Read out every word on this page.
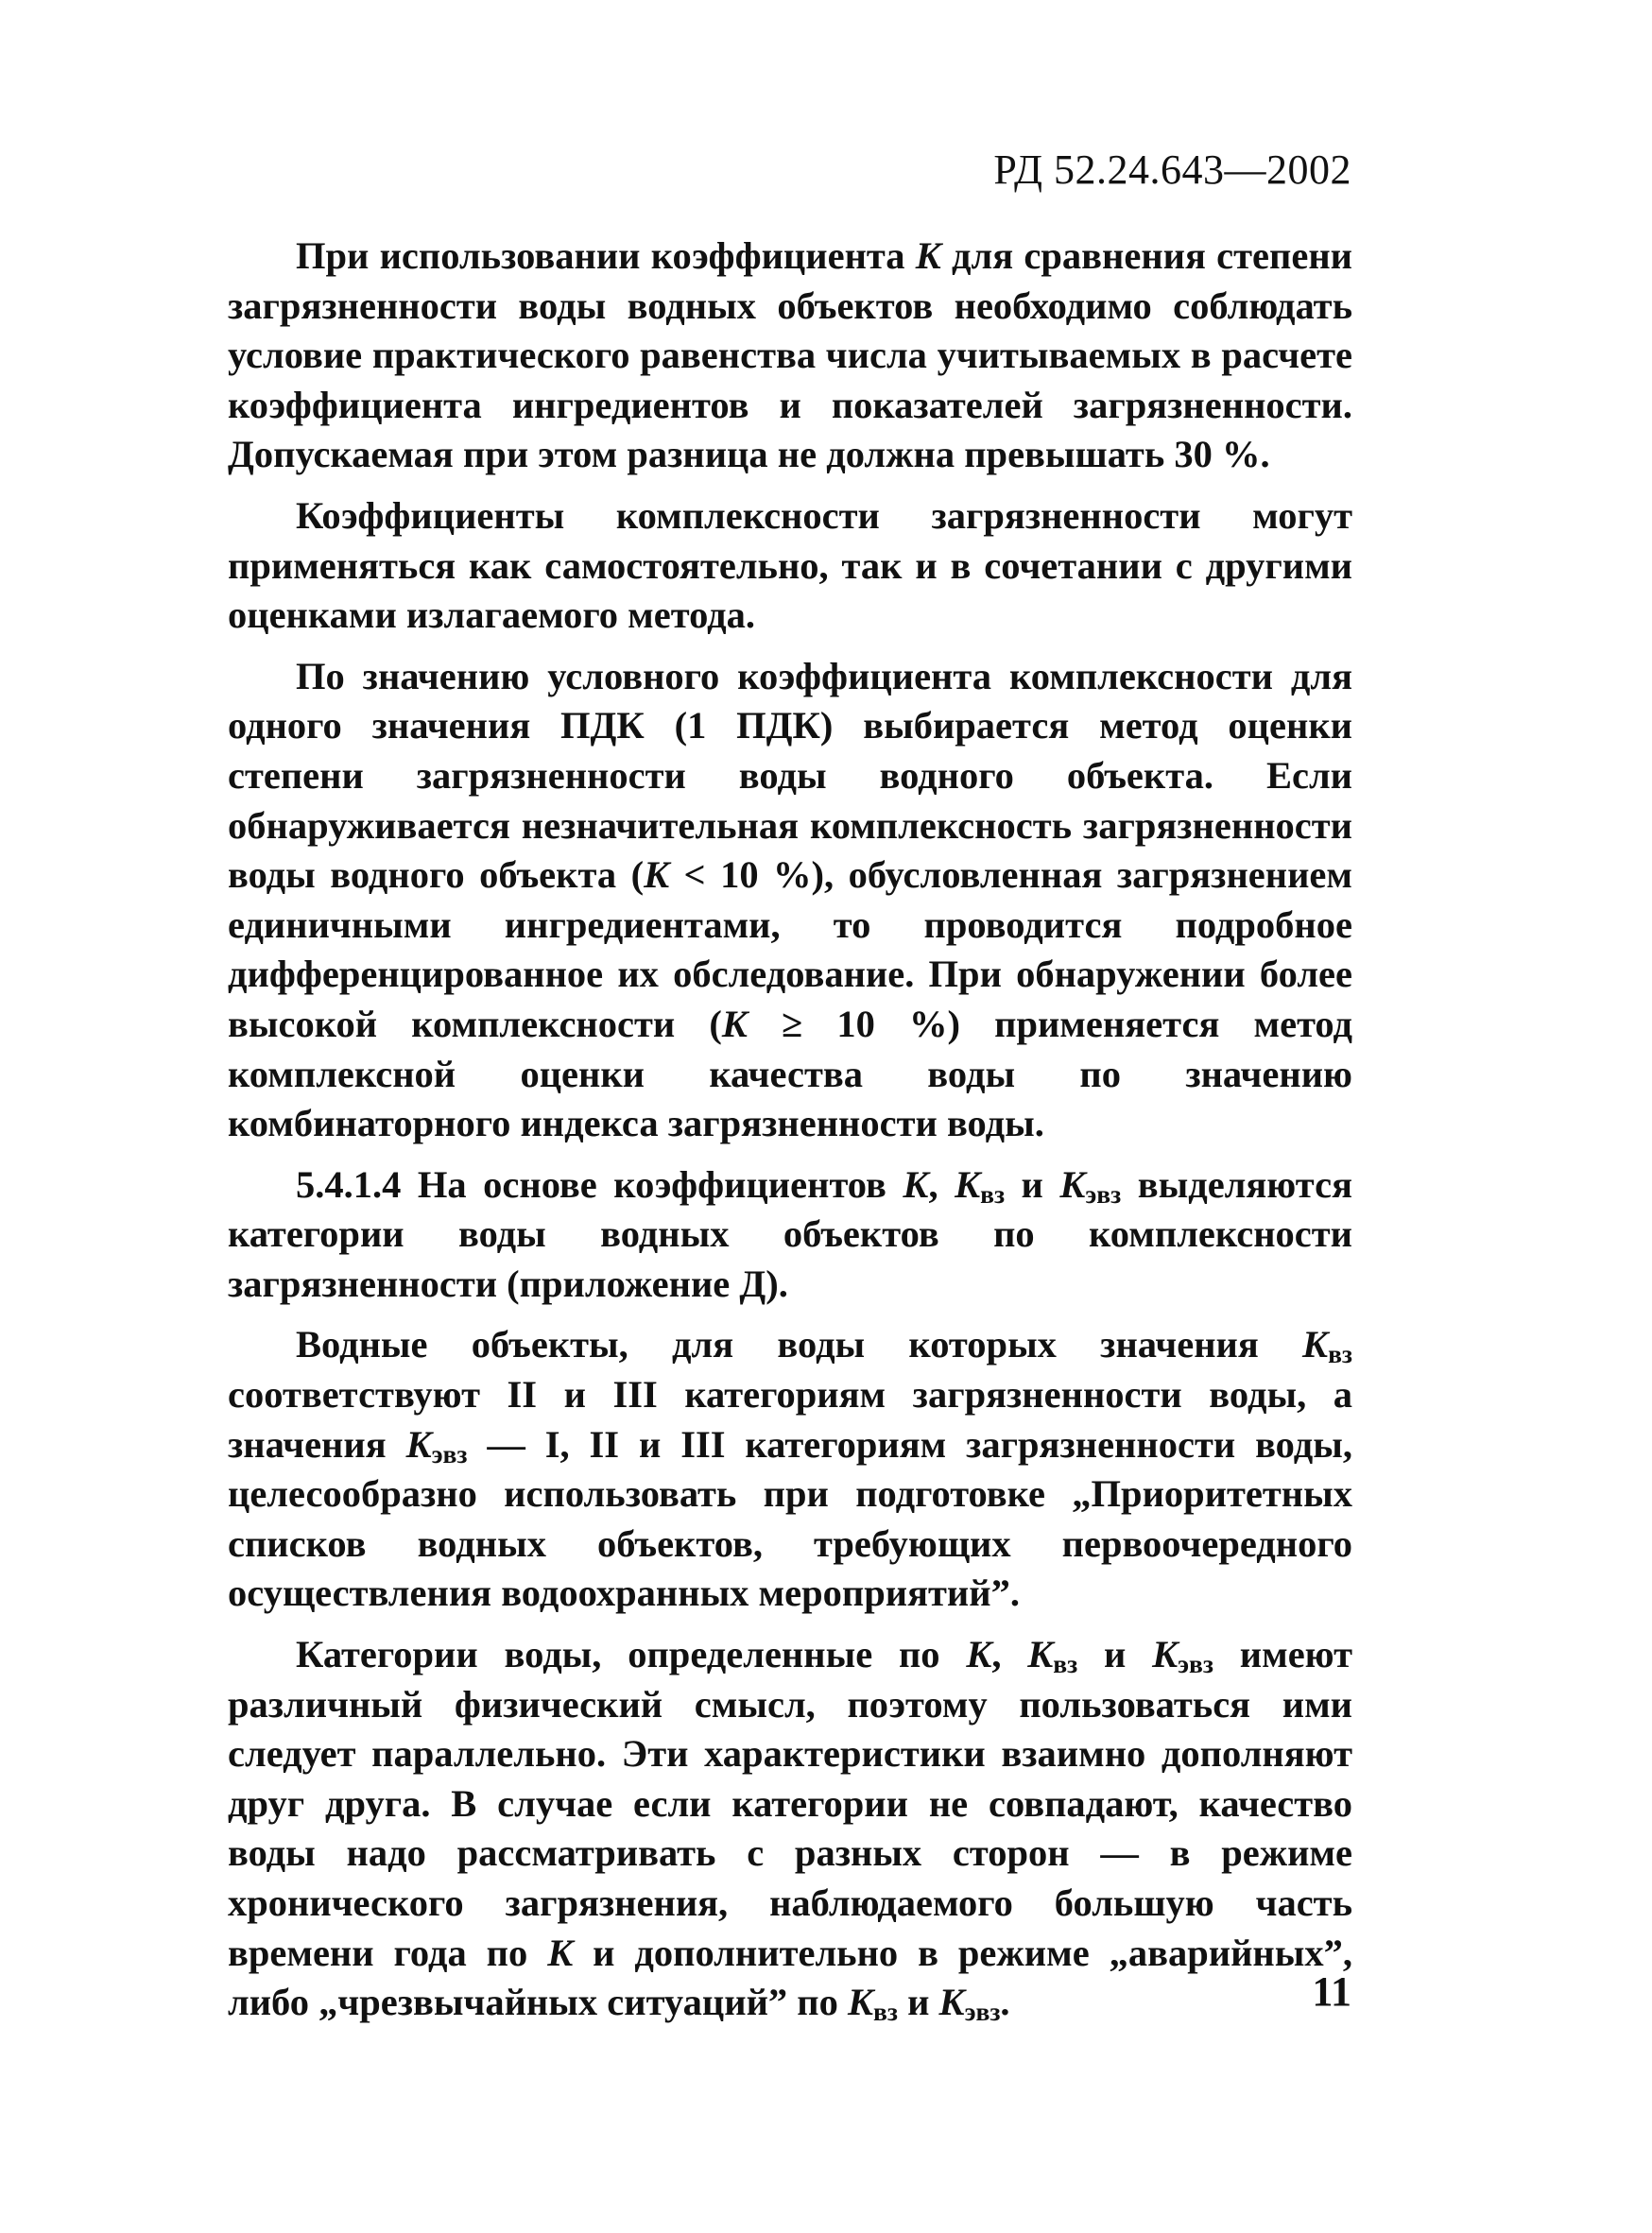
РД 52.24.643—2002

При использовании коэффициента K для сравнения степени загрязненности воды водных объектов необходимо соблюдать условие практического равенства числа учитываемых в расчете коэффициента ингредиентов и показателей загрязненности. Допускаемая при этом разница не должна превышать 30 %.

Коэффициенты комплексности загрязненности могут применяться как самостоятельно, так и в сочетании с другими оценками излагаемого метода.

По значению условного коэффициента комплексности для одного значения ПДК (1 ПДК) выбирается метод оценки степени загрязненности воды водного объекта. Если обнаруживается незначительная комплексность загрязненности воды водного объекта (K < 10 %), обусловленная загрязнением единичными ингредиентами, то проводится подробное дифференцированное их обследование. При обнаружении более высокой комплексности (K ≥ 10 %) применяется метод комплексной оценки качества воды по значению комбинаторного индекса загрязненности воды.

5.4.1.4 На основе коэффициентов K, $K_{вз}$ и $K_{эвз}$ выделяются категории воды водных объектов по комплексности загрязненности (приложение Д).

Водные объекты, для воды которых значения $K_{вз}$ соответствуют II и III категориям загрязненности воды, а значения $K_{эвз}$ — I, II и III категориям загрязненности воды, целесообразно использовать при подготовке „Приоритетных списков водных объектов, требующих первоочередного осуществления водоохранных мероприятий”.

Категории воды, определенные по K, $K_{вз}$ и $K_{эвз}$ имеют различный физический смысл, поэтому пользоваться ими следует параллельно. Эти характеристики взаимно дополняют друг друга. В случае если категории не совпадают, качество воды надо рассматривать с разных сторон — в режиме хронического загрязнения, наблюдаемого большую часть времени года по K и дополнительно в режиме „аварийных”, либо „чрезвычайных ситуаций” по $K_{вз}$ и $K_{эвз}$.	11
